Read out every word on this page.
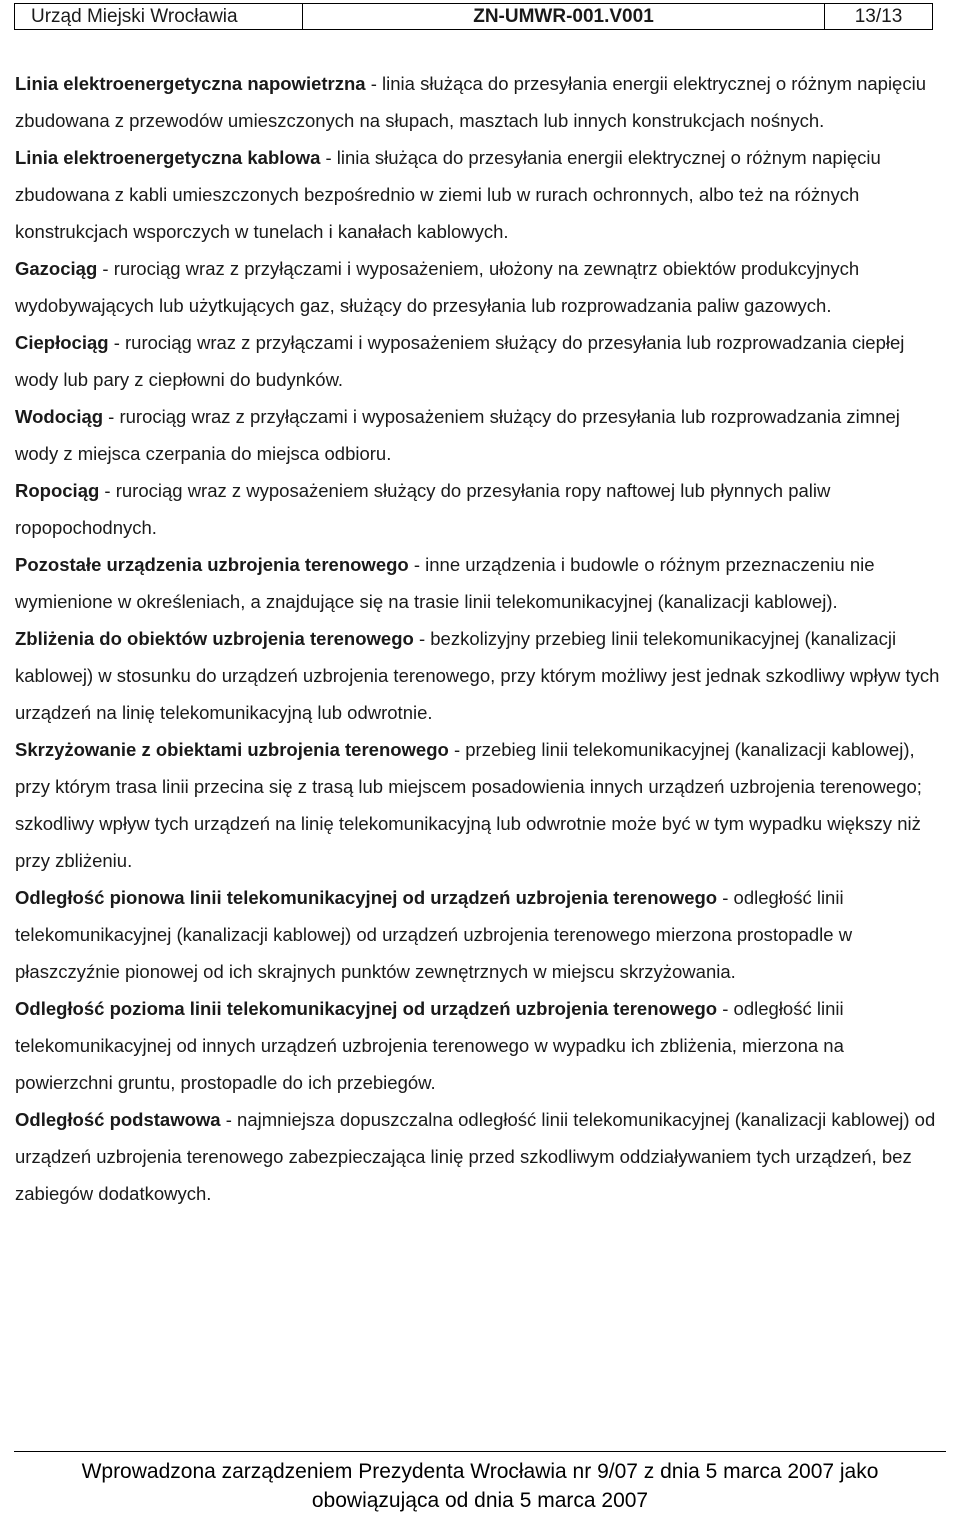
Urząd Miejski Wrocławia	ZN-UMWR-001.V001	13/13

Linia elektroenergetyczna napowietrzna - linia służąca do przesyłania energii elektrycznej o różnym napięciu zbudowana z przewodów umieszczonych na słupach, masztach lub innych konstrukcjach nośnych.

Linia elektroenergetyczna kablowa - linia służąca do przesyłania energii elektrycznej o różnym napięciu zbudowana z kabli umieszczonych bezpośrednio w ziemi lub w rurach ochronnych, albo też na różnych konstrukcjach wsporczych w tunelach i kanałach kablowych.

Gazociąg - rurociąg wraz z przyłączami i wyposażeniem, ułożony na zewnątrz obiektów produkcyjnych wydobywających lub użytkujących gaz, służący do przesyłania lub rozprowadzania paliw gazowych.

Ciepłociąg - rurociąg wraz z przyłączami i wyposażeniem służący do przesyłania lub rozprowadzania ciepłej wody lub pary z ciepłowni do budynków.

Wodociąg - rurociąg wraz z przyłączami i wyposażeniem służący do przesyłania lub rozprowadzania zimnej wody z miejsca czerpania do miejsca odbioru.

Ropociąg - rurociąg wraz z wyposażeniem służący do przesyłania ropy naftowej lub płynnych paliw ropopochodnych.

Pozostałe urządzenia uzbrojenia terenowego - inne urządzenia i budowle o różnym przeznaczeniu nie wymienione w określeniach, a znajdujące się na trasie linii telekomunikacyjnej (kanalizacji kablowej).

Zbliżenia do obiektów uzbrojenia terenowego - bezkolizyjny przebieg linii telekomunikacyjnej (kanalizacji kablowej) w stosunku do urządzeń uzbrojenia terenowego, przy którym możliwy jest jednak szkodliwy wpływ tych urządzeń na linię telekomunikacyjną lub odwrotnie.

Skrzyżowanie z obiektami uzbrojenia terenowego - przebieg linii telekomunikacyjnej (kanalizacji kablowej), przy którym trasa linii przecina się z trasą lub miejscem posadowienia innych urządzeń uzbrojenia terenowego; szkodliwy wpływ tych urządzeń na linię telekomunikacyjną lub odwrotnie może być w tym wypadku większy niż przy zbliżeniu.

Odległość pionowa linii telekomunikacyjnej od urządzeń uzbrojenia terenowego - odległość linii telekomunikacyjnej (kanalizacji kablowej) od urządzeń uzbrojenia terenowego mierzona prostopadle w płaszczyźnie pionowej od ich skrajnych punktów zewnętrznych w miejscu skrzyżowania.

Odległość pozioma linii telekomunikacyjnej od urządzeń uzbrojenia terenowego - odległość linii telekomunikacyjnej od innych urządzeń uzbrojenia terenowego w wypadku ich zbliżenia, mierzona na powierzchni gruntu, prostopadle do ich przebiegów.

Odległość podstawowa - najmniejsza dopuszczalna odległość linii telekomunikacyjnej (kanalizacji kablowej) od urządzeń uzbrojenia terenowego zabezpieczająca linię przed szkodliwym oddziaływaniem tych urządzeń, bez zabiegów dodatkowych.

Wprowadzona zarządzeniem Prezydenta Wrocławia nr 9/07 z dnia 5 marca 2007 jako
obowiązująca od dnia 5 marca 2007
